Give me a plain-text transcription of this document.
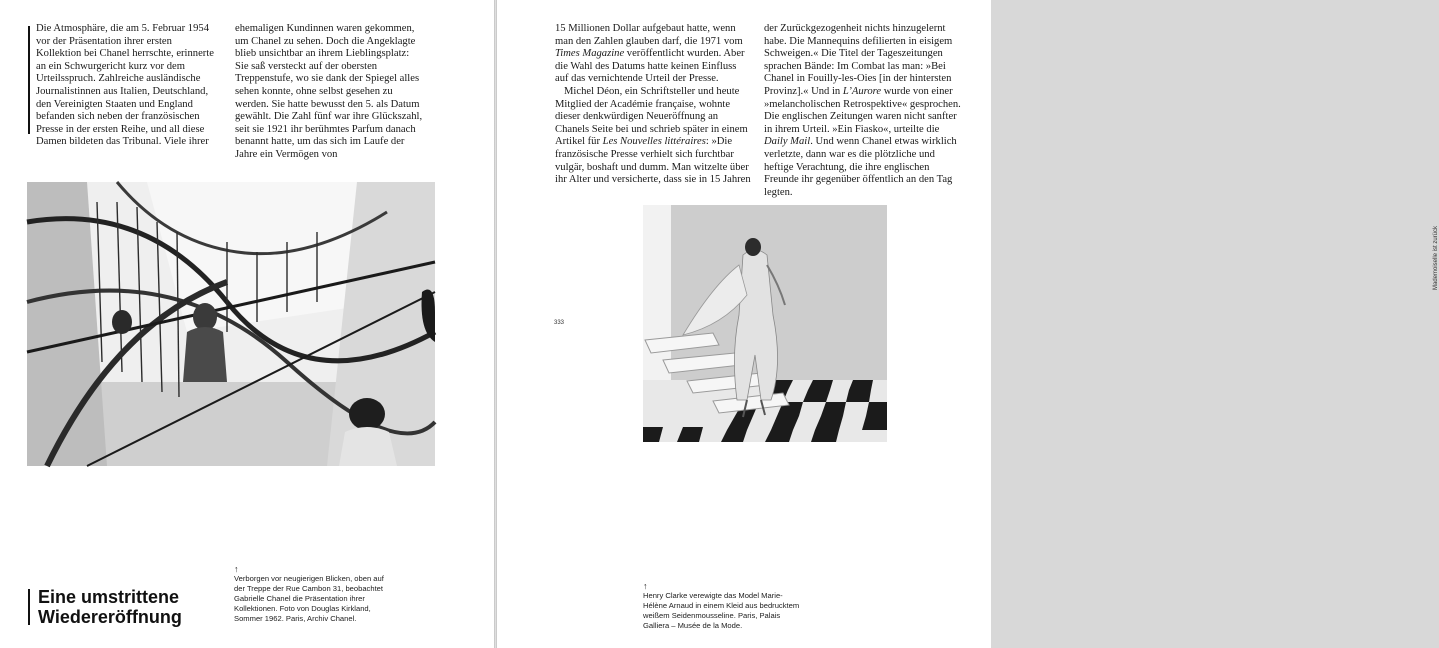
Die Atmosphäre, die am 5. Februar 1954 vor der Präsentation ihrer ersten Kollektion bei Chanel herrschte, erinnerte an ein Schwurgericht kurz vor dem Urteilsspruch. Zahlreiche ausländische Journalistinnen aus Italien, Deutschland, den Vereinigten Staaten und England befanden sich neben der französischen Presse in der ersten Reihe, und all diese Damen bildeten das Tribunal. Viele ihrer

ehemaligen Kundinnen waren gekommen, um Chanel zu sehen. Doch die Angeklagte blieb unsichtbar an ihrem Lieblingsplatz: Sie saß versteckt auf der obersten Treppenstufe, wo sie dank der Spiegel alles sehen konnte, ohne selbst gesehen zu werden. Sie hatte bewusst den 5. als Datum gewählt. Die Zahl fünf war ihre Glückszahl, seit sie 1921 ihr berühmtes Parfum danach benannt hatte, um das sich im Laufe der Jahre ein Vermögen von

Eine umstrittene
Wiedereröffnung
↑
Verborgen vor neugierigen Blicken, oben auf der Treppe der Rue Cambon 31, beobachtet Gabrielle Chanel die Präsentation ihrer Kollektionen. Foto von Douglas Kirkland, Sommer 1962. Paris, Archiv Chanel.

15 Millionen Dollar aufgebaut hatte, wenn man den Zahlen glauben darf, die 1971 vom Times Magazine veröffentlicht wurden. Aber die Wahl des Datums hatte keinen Einfluss auf das vernichtende Urteil der Presse.

Michel Déon, ein Schriftsteller und heute Mitglied der Académie française, wohnte dieser denkwürdigen Neueröffnung an Chanels Seite bei und schrieb später in einem Artikel für Les Nouvelles littéraires: »Die französische Presse verhielt sich furchtbar vulgär, boshaft und dumm. Man witzelte über ihr Alter und versicherte, dass sie in 15 Jahren

der Zurückgezogenheit nichts hinzugelernt habe. Die Mannequins defilierten in eisigem Schweigen.« Die Titel der Tageszeitungen sprachen Bände: Im Combat las man: »Bei Chanel in Fouilly-les-Oies [in der hintersten Provinz].« Und in L’Aurore wurde von einer »melancholischen Retrospektive« gesprochen. Die englischen Zeitungen waren nicht sanfter in ihrem Urteil. »Ein Fiasko«, urteilte die Daily Mail. Und wenn Chanel etwas wirklich verletzte, dann war es die plötzliche und heftige Verachtung, die ihre englischen Freunde ihr gegenüber öffentlich an den Tag legten.

333
Mademoiselle ist zurück
↑
Henry Clarke verewigte das Model Marie-Hélène Arnaud in einem Kleid aus bedrucktem weißem Seidenmousseline. Paris, Palais Galliera – Musée de la Mode.
